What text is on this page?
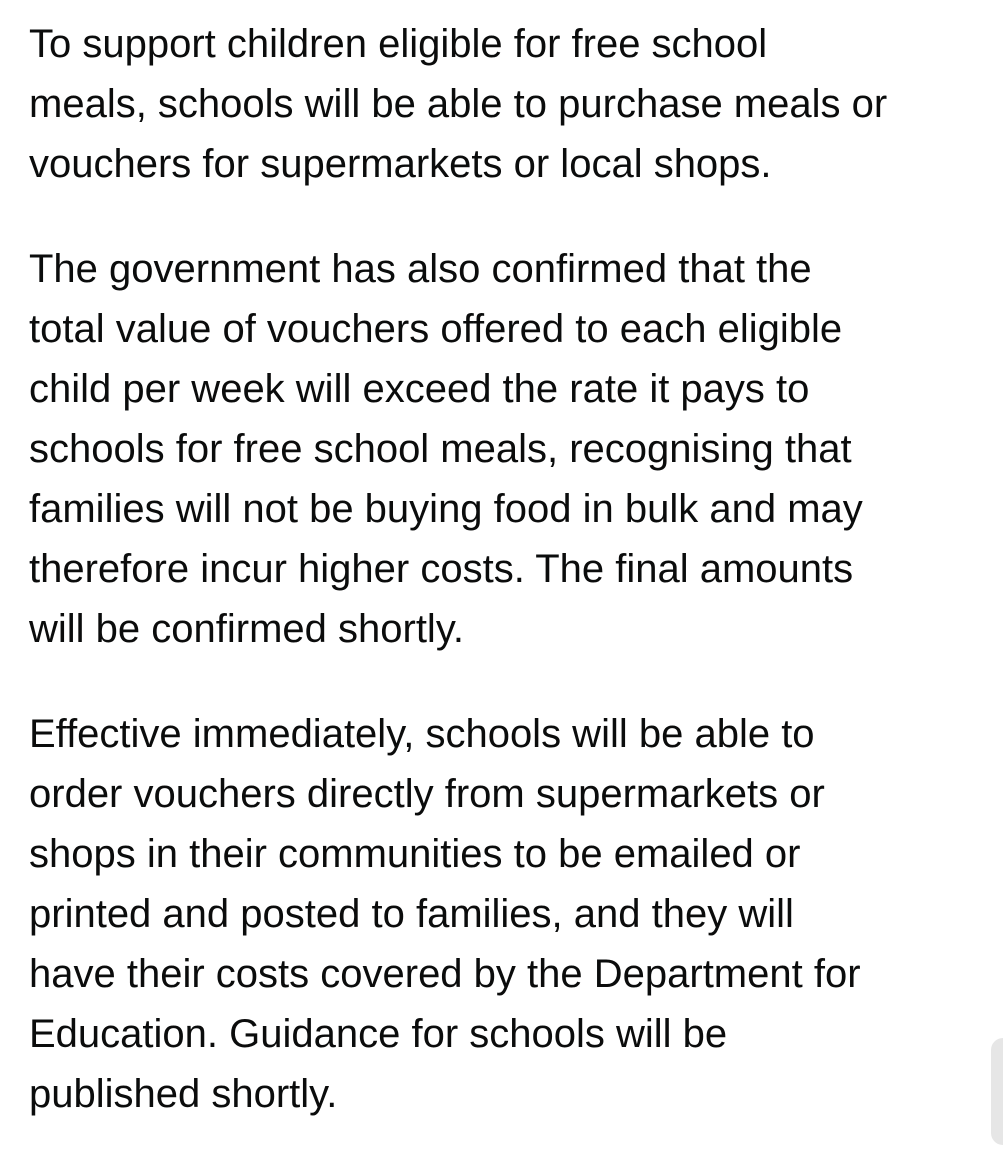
To support children eligible for free school
meals, schools will be able to purchase meals or
vouchers for supermarkets or local shops.

The government has also confirmed that the
total value of vouchers offered to each eligible
child per week will exceed the rate it pays to
schools for free school meals, recognising that
families will not be buying food in bulk and may
therefore incur higher costs. The final amounts
will be confirmed shortly.

Effective immediately, schools will be able to
order vouchers directly from supermarkets or
shops in their communities to be emailed or
printed and posted to families, and they will
have their costs covered by the Department for
Education. Guidance for schools will be
published shortly.
